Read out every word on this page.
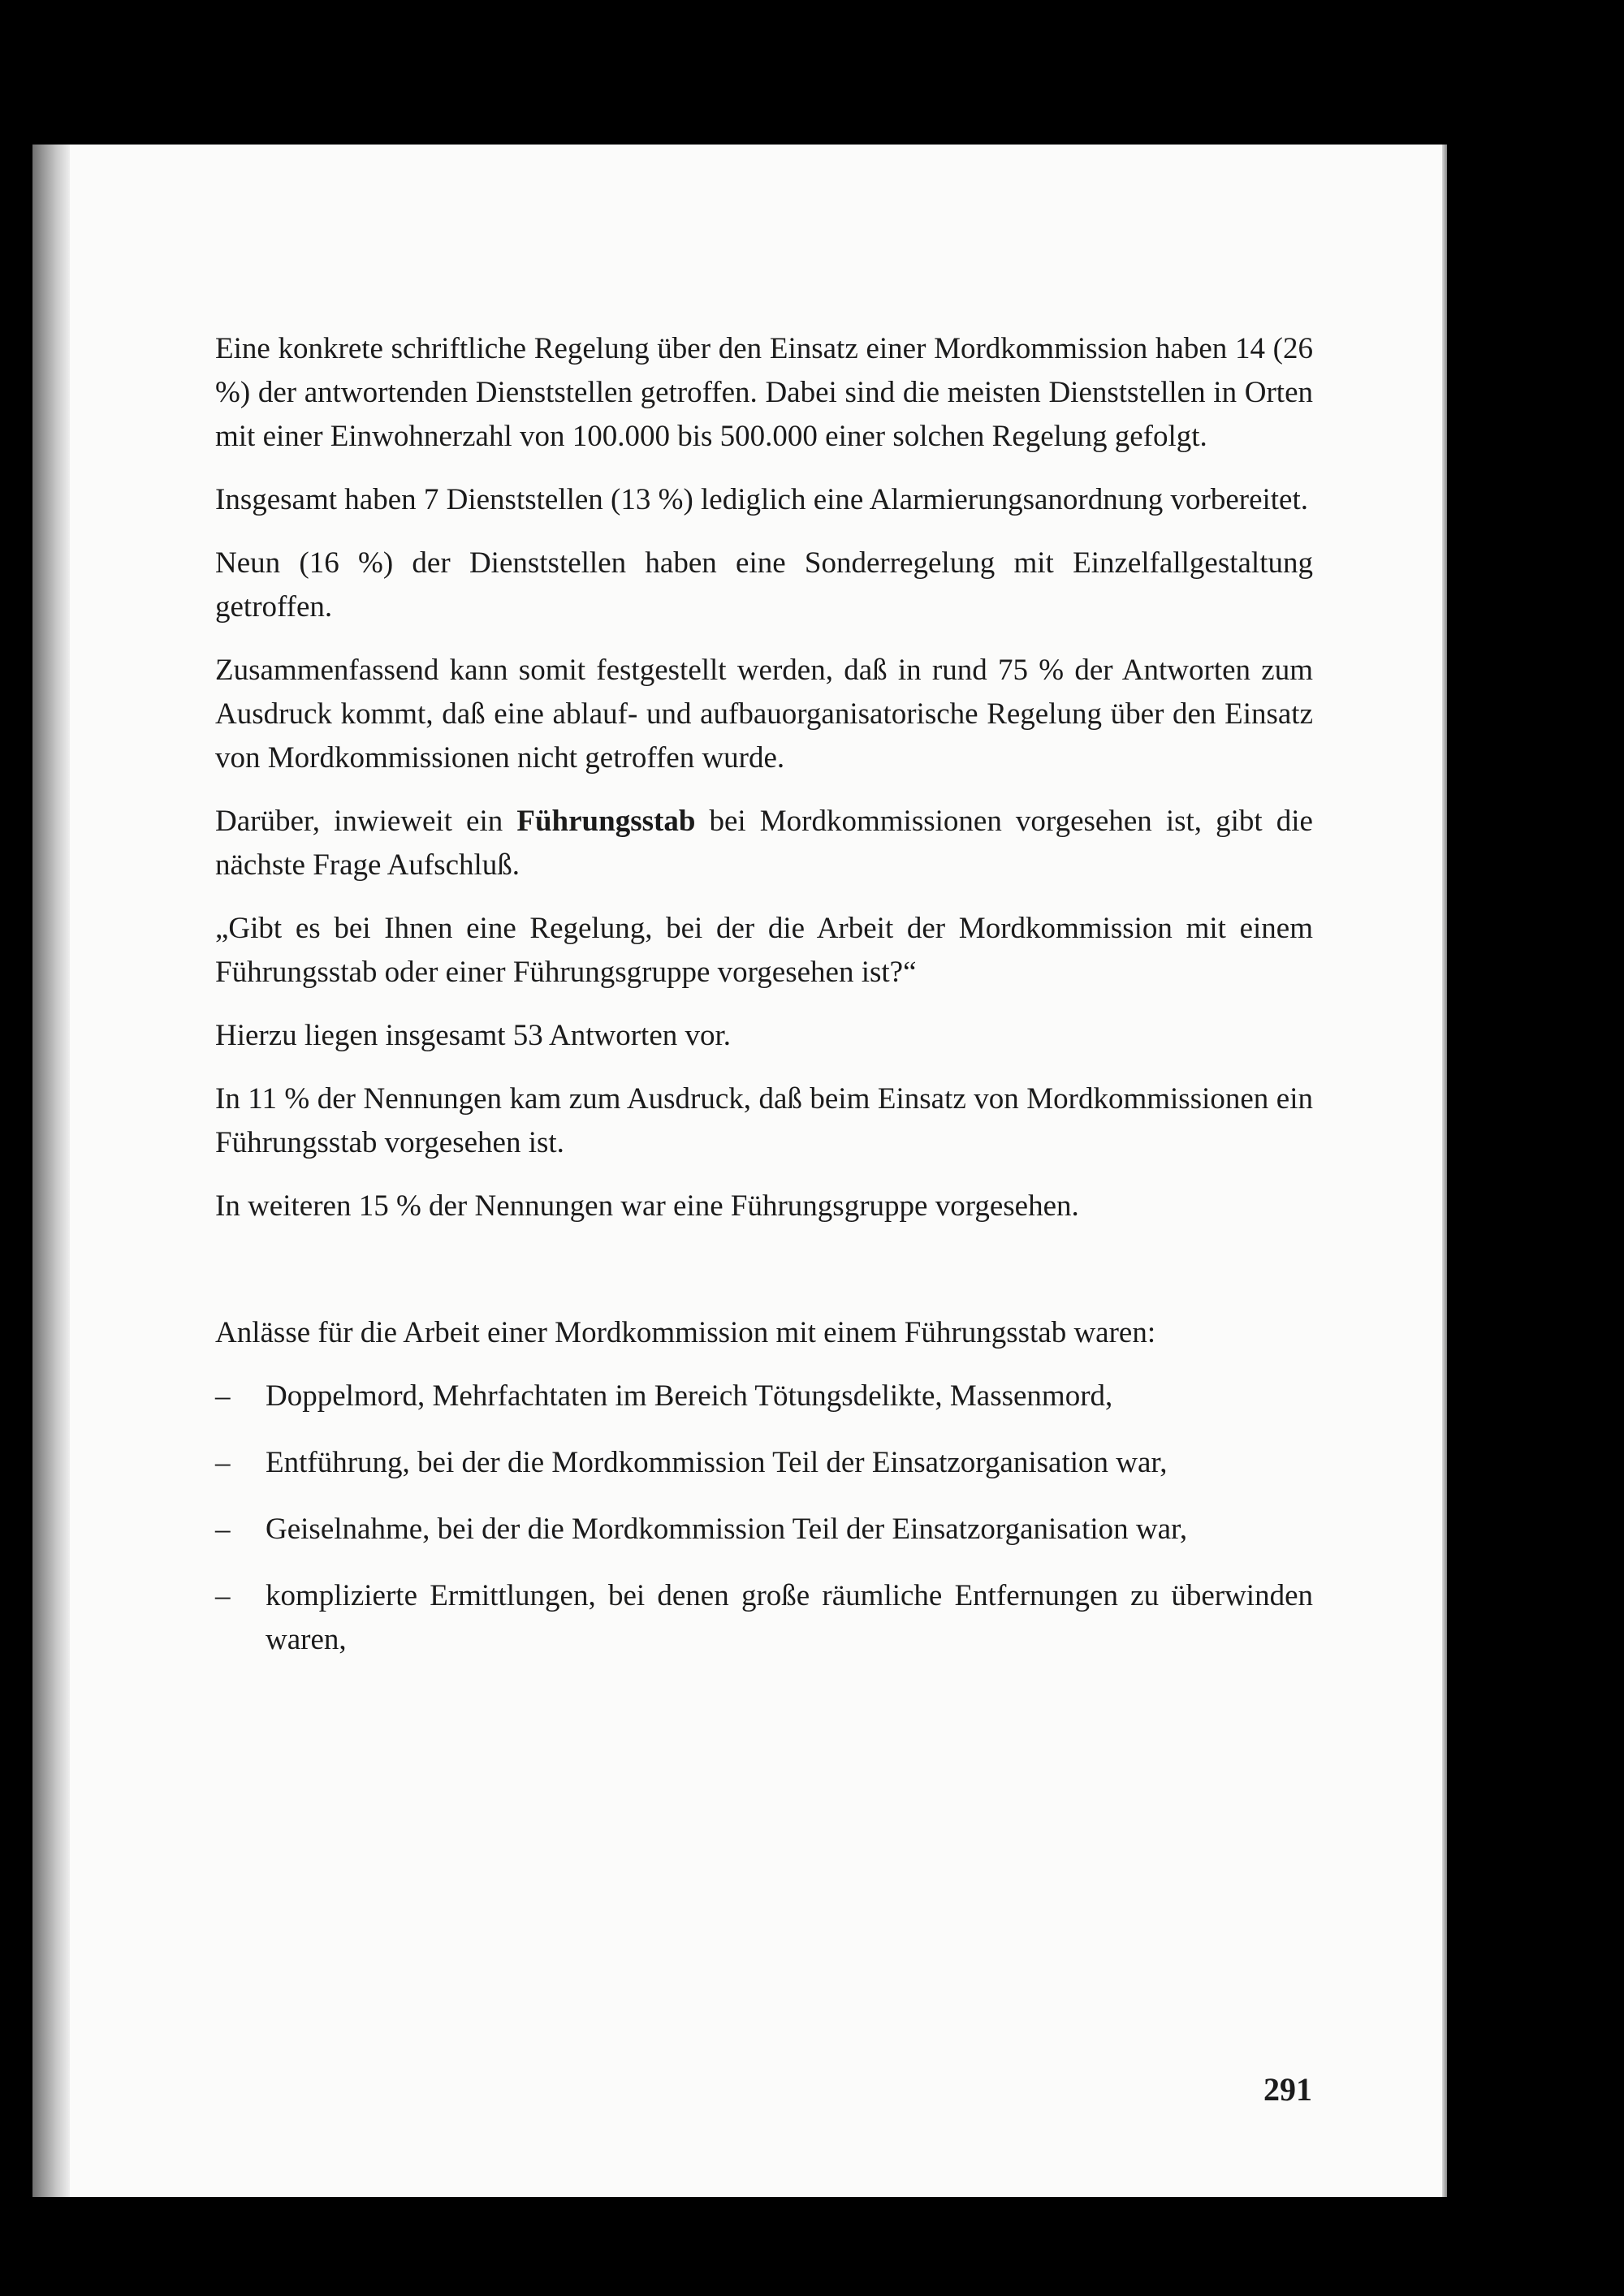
Eine konkrete schriftliche Regelung über den Einsatz einer Mordkommission haben 14 (26 %) der antwortenden Dienststellen getroffen. Dabei sind die meisten Dienststellen in Orten mit einer Einwohnerzahl von 100.000 bis 500.000 einer solchen Regelung gefolgt.

Insgesamt haben 7 Dienststellen (13 %) lediglich eine Alarmierungsanordnung vorbereitet.

Neun (16 %) der Dienststellen haben eine Sonderregelung mit Einzelfallgestaltung getroffen.

Zusammenfassend kann somit festgestellt werden, daß in rund 75 % der Antworten zum Ausdruck kommt, daß eine ablauf- und aufbauorganisatorische Regelung über den Einsatz von Mordkommissionen nicht getroffen wurde.

Darüber, inwieweit ein Führungsstab bei Mordkommissionen vorgesehen ist, gibt die nächste Frage Aufschluß.

„Gibt es bei Ihnen eine Regelung, bei der die Arbeit der Mordkommission mit einem Führungsstab oder einer Führungsgruppe vorgesehen ist?“

Hierzu liegen insgesamt 53 Antworten vor.

In 11 % der Nennungen kam zum Ausdruck, daß beim Einsatz von Mordkommissionen ein Führungsstab vorgesehen ist.

In weiteren 15 % der Nennungen war eine Führungsgruppe vorgesehen.

Anlässe für die Arbeit einer Mordkommission mit einem Führungsstab waren:

– Doppelmord, Mehrfachtaten im Bereich Tötungsdelikte, Massenmord,
– Entführung, bei der die Mordkommission Teil der Einsatzorganisation war,
– Geiselnahme, bei der die Mordkommission Teil der Einsatzorganisation war,
– komplizierte Ermittlungen, bei denen große räumliche Entfernungen zu überwinden waren,
291
